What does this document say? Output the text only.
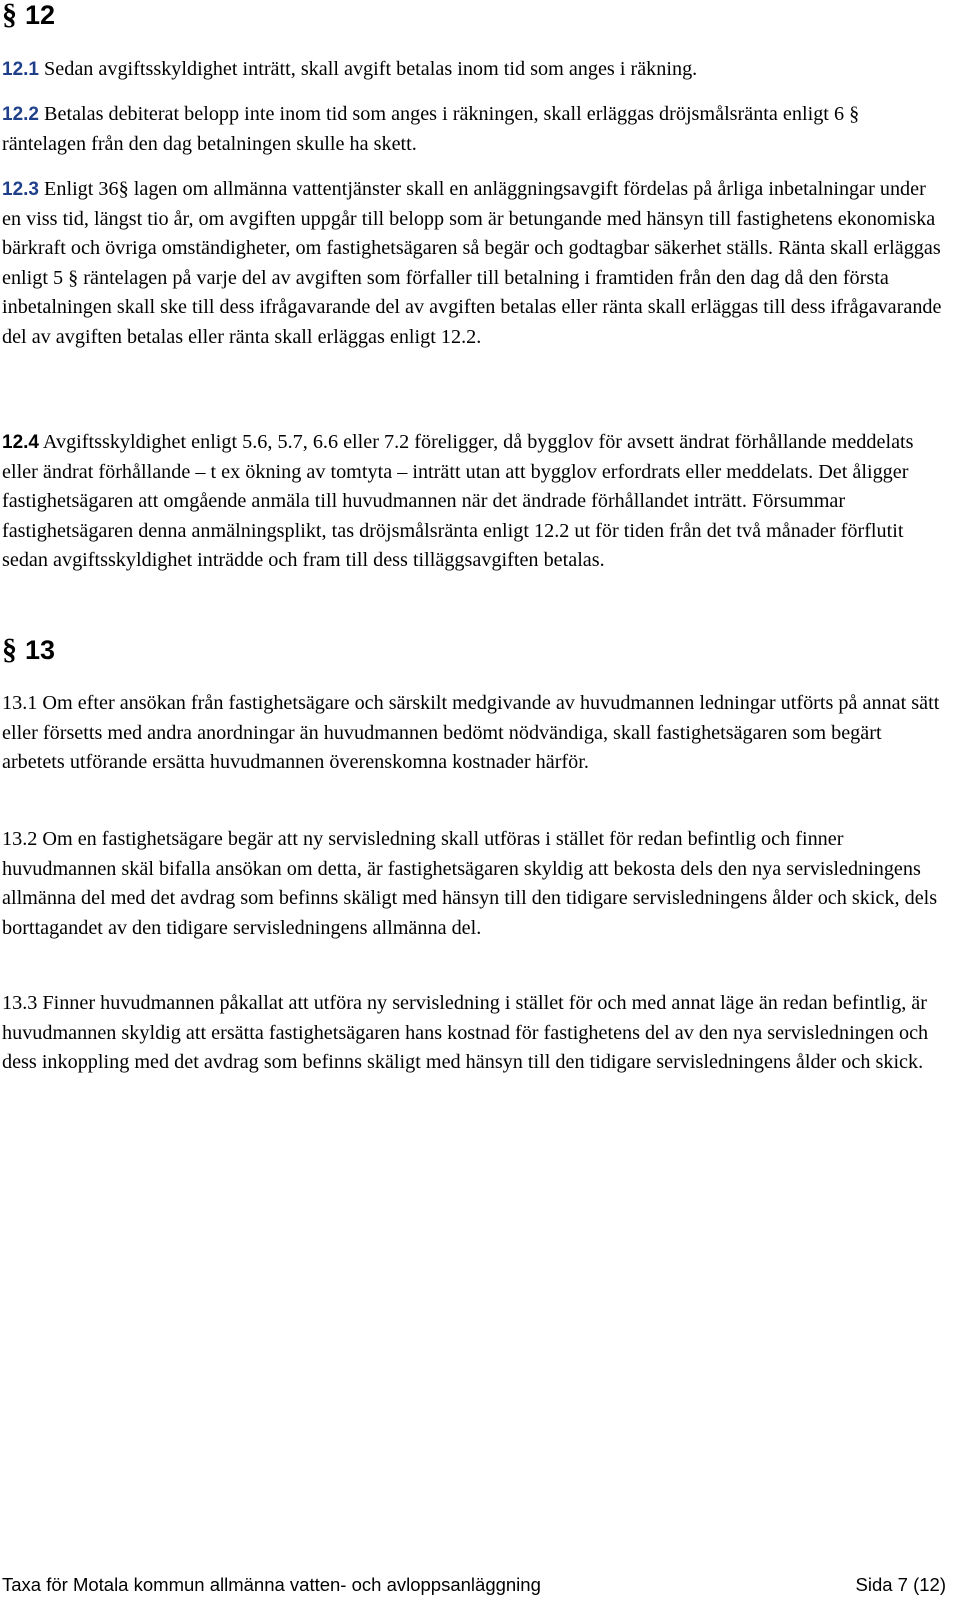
§ 12

12.1 Sedan avgiftsskyldighet inträtt, skall avgift betalas inom tid som anges i räkning.

12.2 Betalas debiterat belopp inte inom tid som anges i räkningen, skall erläggas dröjsmålsränta enligt 6 § räntelagen från den dag betalningen skulle ha skett.

12.3 Enligt 36§ lagen om allmänna vattentjänster skall en anläggningsavgift fördelas på årliga inbetalningar under en viss tid, längst tio år, om avgiften uppgår till belopp som är betungande med hänsyn till fastighetens ekonomiska bärkraft och övriga omständigheter, om fastighetsägaren så begär och godtagbar säkerhet ställs. Ränta skall erläggas enligt 5 § räntelagen på varje del av avgiften som förfaller till betalning i framtiden från den dag då den första inbetalningen skall ske till dess ifrågavarande del av avgiften betalas eller ränta skall erläggas till dess ifrågavarande del av avgiften betalas eller ränta skall erläggas enligt 12.2.

12.4 Avgiftsskyldighet enligt 5.6, 5.7, 6.6 eller 7.2 föreligger, då bygglov för avsett ändrat förhållande meddelats eller ändrat förhållande – t ex ökning av tomtyta – inträtt utan att bygglov erfordrats eller meddelats. Det åligger fastighetsägaren att omgående anmäla till huvudmannen när det ändrade förhållandet inträtt. Försummar fastighetsägaren denna anmälningsplikt, tas dröjsmålsränta enligt 12.2 ut för tiden från det två månader förflutit sedan avgiftsskyldighet inträdde och fram till dess tilläggsavgiften betalas.

§ 13

13.1 Om efter ansökan från fastighetsägare och särskilt medgivande av huvudmannen ledningar utförts på annat sätt eller försetts med andra anordningar än huvudmannen bedömt nödvändiga, skall fastighetsägaren som begärt arbetets utförande ersätta huvudmannen överenskomna kostnader härför.

13.2 Om en fastighetsägare begär att ny servisledning skall utföras i stället för redan befintlig och finner huvudmannen skäl bifalla ansökan om detta, är fastighetsägaren skyldig att bekosta dels den nya servisledningens allmänna del med det avdrag som befinns skäligt med hänsyn till den tidigare servisledningens ålder och skick, dels borttagandet av den tidigare servisledningens allmänna del.

13.3 Finner huvudmannen påkallat att utföra ny servisledning i stället för och med annat läge än redan befintlig, är huvudmannen skyldig att ersätta fastighetsägaren hans kostnad för fastighetens del av den nya servisledningen och dess inkoppling med det avdrag som befinns skäligt med hänsyn till den tidigare servisledningens ålder och skick.

Taxa för Motala kommun allmänna vatten- och avloppsanläggning	Sida 7 (12)
